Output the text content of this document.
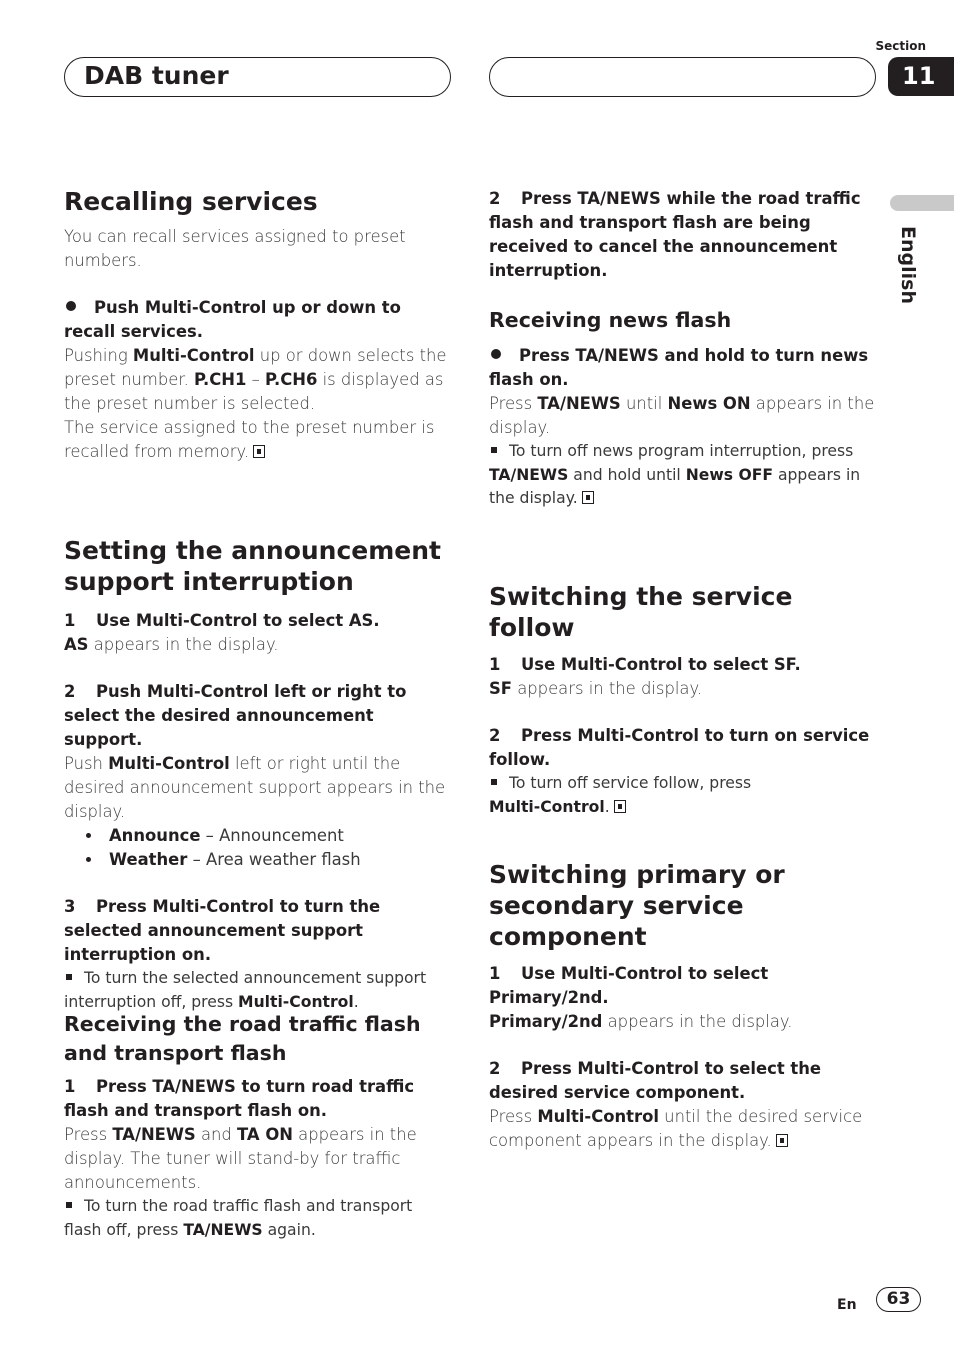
DAB tuner
Section
11
English
Recalling services
You can recall services assigned to preset numbers.
Push Multi-Control up or down to recall services.
Pushing Multi-Control up or down selects the preset number. P.CH1 – P.CH6 is displayed as the preset number is selected.
The service assigned to the preset number is recalled from memory.
Setting the announcement support interruption
1 Use Multi-Control to select AS.
AS appears in the display.
2 Push Multi-Control left or right to select the desired announcement support.
Push Multi-Control left or right until the desired announcement support appears in the display.
Announce – Announcement
Weather – Area weather flash
3 Press Multi-Control to turn the selected announcement support interruption on.
To turn the selected announcement support interruption off, press Multi-Control.
Receiving the road traffic flash and transport flash
1 Press TA/NEWS to turn road traffic flash and transport flash on.
Press TA/NEWS and TA ON appears in the display. The tuner will stand-by for traffic announcements.
To turn the road traffic flash and transport flash off, press TA/NEWS again.
2 Press TA/NEWS while the road traffic flash and transport flash are being received to cancel the announcement interruption.
Receiving news flash
Press TA/NEWS and hold to turn news flash on.
Press TA/NEWS until News ON appears in the display.
To turn off news program interruption, press TA/NEWS and hold until News OFF appears in the display.
Switching the service follow
1 Use Multi-Control to select SF.
SF appears in the display.
2 Press Multi-Control to turn on service follow.
To turn off service follow, press
Multi-Control.
Switching primary or secondary service component
1 Use Multi-Control to select Primary/2nd.
Primary/2nd appears in the display.
2 Press Multi-Control to select the desired service component.
Press Multi-Control until the desired service component appears in the display.
En	63
